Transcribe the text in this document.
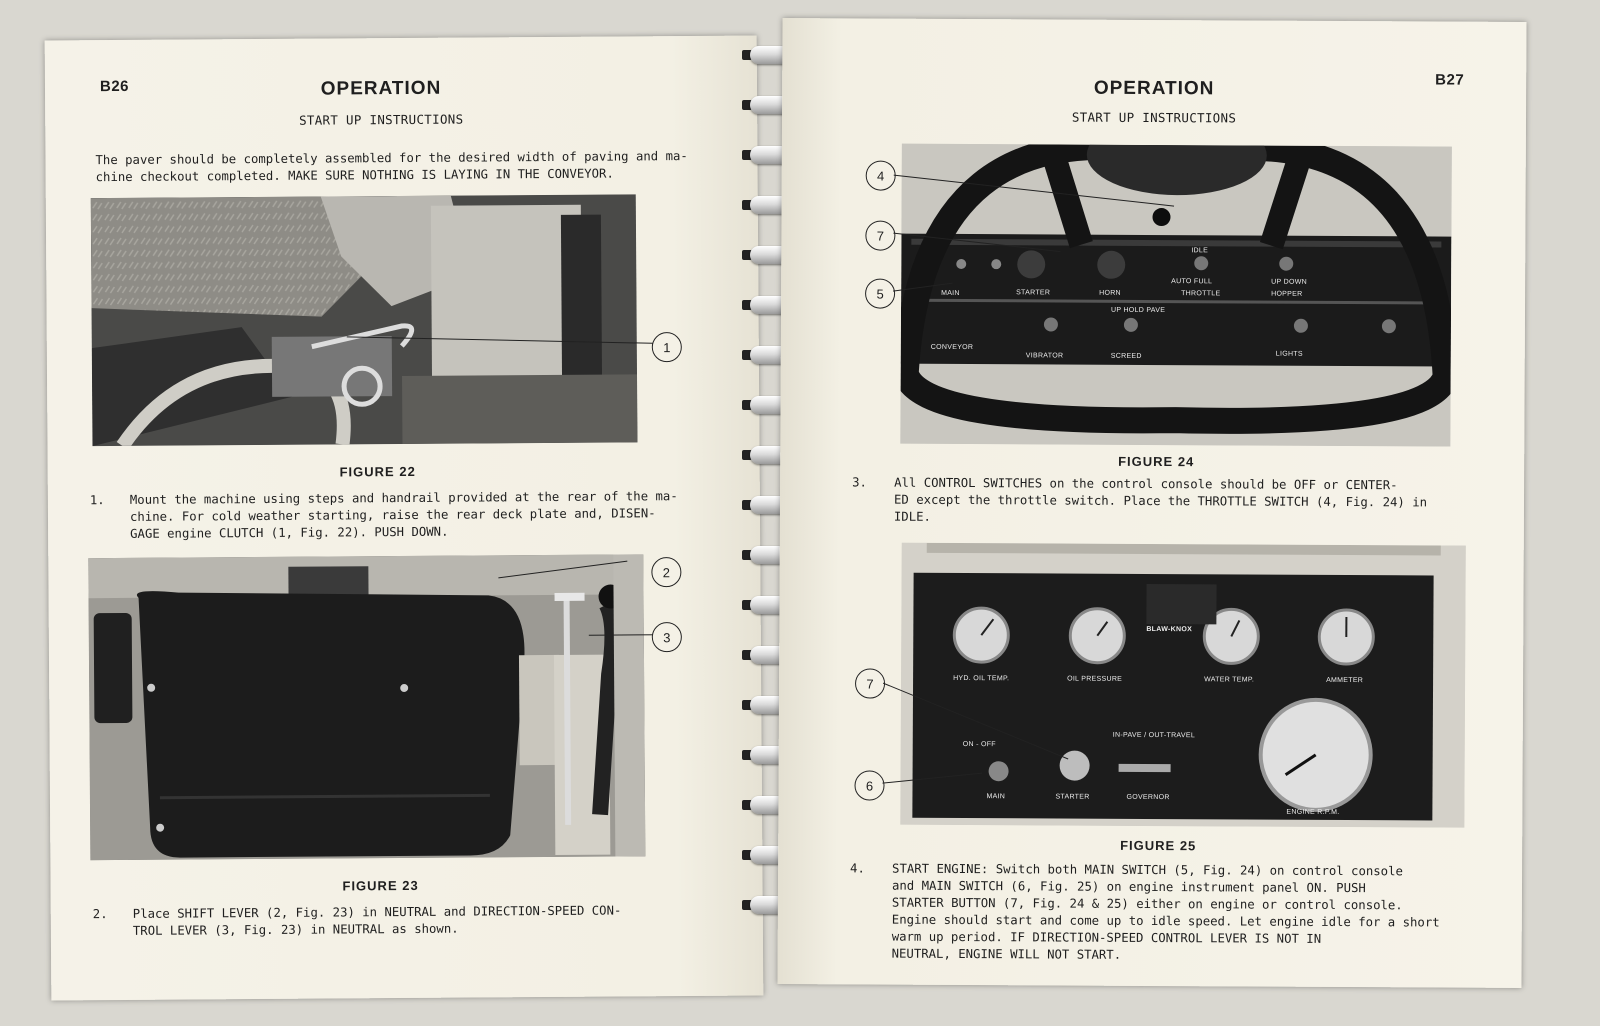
B26	OPERATION
START UP INSTRUCTIONS

The paver should be completely assembled for the desired width of paving and ma-

chine checkout completed. MAKE SURE NOTHING IS LAYING IN THE CONVEYOR.

1
FIGURE 22
1. Mount the machine using steps and handrail provided at the rear of the ma-
chine. For cold weather starting, raise the rear deck plate and, DISEN-
GAGE engine CLUTCH (1, Fig. 22). PUSH DOWN.
2
3
FIGURE 23
2. Place SHIFT LEVER (2, Fig. 23) in NEUTRAL and DIRECTION-SPEED CON-
TROL LEVER (3, Fig. 23) in NEUTRAL as shown.
OPERATION	B27
START UP INSTRUCTIONS
IDLE
AUTO FULL	UP DOWN
MAIN	STARTER	HORN	THROTTLE	HOPPER
UP HOLD PAVE
CONVEYOR
VIBRATOR	SCREED	LIGHTS
4
7
5
FIGURE 24
3. All CONTROL SWITCHES on the control console should be OFF or CENTER-
ED except the throttle switch. Place the THROTTLE SWITCH (4, Fig. 24) in
IDLE.
BLAW-KNOX
HYD. OIL TEMP.	OIL PRESSURE	WATER TEMP.	AMMETER
IN-PAVE / OUT-TRAVEL
ON - OFF
MAIN	STARTER	GOVERNOR
ENGINE R.P.M.
7
6
FIGURE 25
4. START ENGINE: Switch both MAIN SWITCH (5, Fig. 24) on control console
and MAIN SWITCH (6, Fig. 25) on engine instrument panel ON. PUSH
STARTER BUTTON (7, Fig. 24 & 25) either on engine or control console.
Engine should start and come up to idle speed. Let engine idle for a short
warm up period. IF DIRECTION-SPEED CONTROL LEVER IS NOT IN
NEUTRAL, ENGINE WILL NOT START.
